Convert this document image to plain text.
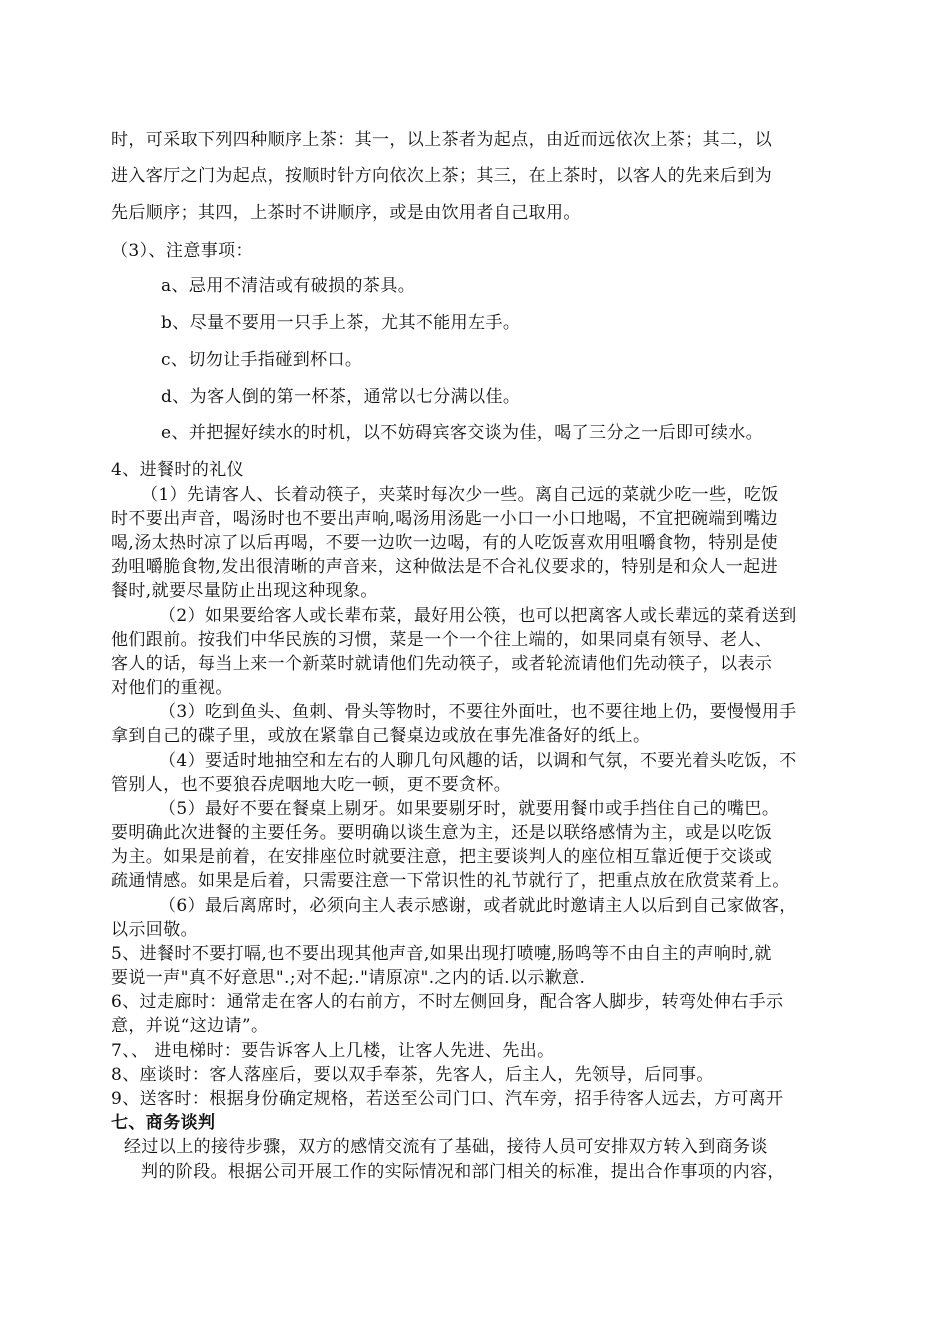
时，可采取下列四种顺序上茶：其一，以上茶者为起点，由近而远依次上茶；其二，以
进入客厅之门为起点，按顺时针方向依次上茶；其三，在上茶时，以客人的先来后到为
先后顺序；其四，上茶时不讲顺序，或是由饮用者自己取用。
（3）、注意事项：
a、忌用不清洁或有破损的茶具。
b、尽量不要用一只手上茶，尤其不能用左手。
c、切勿让手指碰到杯口。
d、为客人倒的第一杯茶，通常以七分满以佳。
e、并把握好续水的时机，以不妨碍宾客交谈为佳，喝了三分之一后即可续水。
4、进餐时的礼仪
（1）先请客人、长着动筷子，夹菜时每次少一些。离自己远的菜就少吃一些，吃饭
时不要出声音，喝汤时也不要出声响,喝汤用汤匙一小口一小口地喝，不宜把碗端到嘴边
喝,汤太热时凉了以后再喝，不要一边吹一边喝，有的人吃饭喜欢用咀嚼食物，特别是使
劲咀嚼脆食物,发出很清晰的声音来，这种做法是不合礼仪要求的，特别是和众人一起进
餐时,就要尽量防止出现这种现象。
（2）如果要给客人或长辈布菜，最好用公筷，也可以把离客人或长辈远的菜肴送到
他们跟前。按我们中华民族的习惯，菜是一个一个往上端的，如果同桌有领导、老人、
客人的话，每当上来一个新菜时就请他们先动筷子，或者轮流请他们先动筷子，以表示
对他们的重视。
（3）吃到鱼头、鱼刺、骨头等物时，不要往外面吐，也不要往地上仍，要慢慢用手
拿到自己的碟子里，或放在紧靠自己餐桌边或放在事先准备好的纸上。
（4）要适时地抽空和左右的人聊几句风趣的话，以调和气氛，不要光着头吃饭，不
管别人，也不要狼吞虎咽地大吃一顿，更不要贪杯。
（5）最好不要在餐桌上剔牙。如果要剔牙时，就要用餐巾或手挡住自己的嘴巴。
要明确此次进餐的主要任务。要明确以谈生意为主，还是以联络感情为主，或是以吃饭
为主。如果是前着，在安排座位时就要注意，把主要谈判人的座位相互靠近便于交谈或
疏通情感。如果是后着，只需要注意一下常识性的礼节就行了，把重点放在欣赏菜肴上。
（6）最后离席时，必须向主人表示感谢，或者就此时邀请主人以后到自己家做客，
以示回敬。
5、进餐时不要打嗝,也不要出现其他声音,如果出现打喷嚏,肠鸣等不由自主的声响时,就
要说一声"真不好意思".;对不起;."请原凉".之内的话.以示歉意.
6、过走廊时：通常走在客人的右前方，不时左侧回身，配合客人脚步，转弯处伸右手示
意，并说“这边请”。
7、、 进电梯时：要告诉客人上几楼，让客人先进、先出。
8、座谈时：客人落座后，要以双手奉茶，先客人，后主人，先领导，后同事。
9、送客时：根据身份确定规格，若送至公司门口、汽车旁，招手待客人远去，方可离开
七、商务谈判
经过以上的接待步骤，双方的感情交流有了基础，接待人员可安排双方转入到商务谈
判的阶段。根据公司开展工作的实际情况和部门相关的标准，提出合作事项的内容，
